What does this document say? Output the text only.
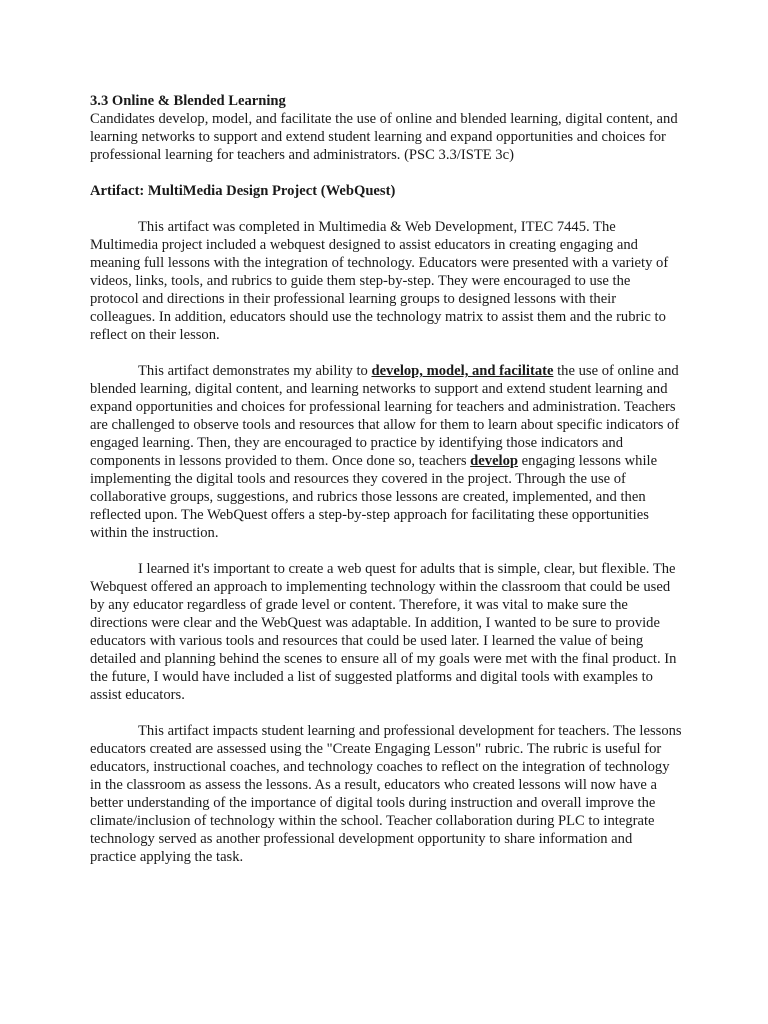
3.3 Online & Blended Learning

Candidates develop, model, and facilitate the use of online and blended learning, digital content, and learning networks to support and extend student learning and expand opportunities and choices for professional learning for teachers and administrators. (PSC 3.3/ISTE 3c)

Artifact: MultiMedia Design Project (WebQuest)

This artifact was completed in Multimedia & Web Development, ITEC 7445. The Multimedia project included a webquest designed to assist educators in creating engaging and meaning full lessons with the integration of technology. Educators were presented with a variety of videos, links, tools, and rubrics to guide them step-by-step. They were encouraged to use the protocol and directions in their professional learning groups to designed lessons with their colleagues. In addition, educators should use the technology matrix to assist them and the rubric to reflect on their lesson.

This artifact demonstrates my ability to develop, model, and facilitate the use of online and blended learning, digital content, and learning networks to support and extend student learning and expand opportunities and choices for professional learning for teachers and administration. Teachers are challenged to observe tools and resources that allow for them to learn about specific indicators of engaged learning. Then, they are encouraged to practice by identifying those indicators and components in lessons provided to them. Once done so, teachers develop engaging lessons while implementing the digital tools and resources they covered in the project. Through the use of collaborative groups, suggestions, and rubrics those lessons are created, implemented, and then reflected upon. The WebQuest offers a step-by-step approach for facilitating these opportunities within the instruction.

I learned it's important to create a web quest for adults that is simple, clear, but flexible. The Webquest offered an approach to implementing technology within the classroom that could be used by any educator regardless of grade level or content. Therefore, it was vital to make sure the directions were clear and the WebQuest was adaptable. In addition, I wanted to be sure to provide educators with various tools and resources that could be used later. I learned the value of being detailed and planning behind the scenes to ensure all of my goals were met with the final product. In the future, I would have included a list of suggested platforms and digital tools with examples to assist educators.

This artifact impacts student learning and professional development for teachers. The lessons educators created are assessed using the "Create Engaging Lesson" rubric. The rubric is useful for educators, instructional coaches, and technology coaches to reflect on the integration of technology in the classroom as assess the lessons. As a result, educators who created lessons will now have a better understanding of the importance of digital tools during instruction and overall improve the climate/inclusion of technology within the school. Teacher collaboration during PLC to integrate technology served as another professional development opportunity to share information and practice applying the task.
